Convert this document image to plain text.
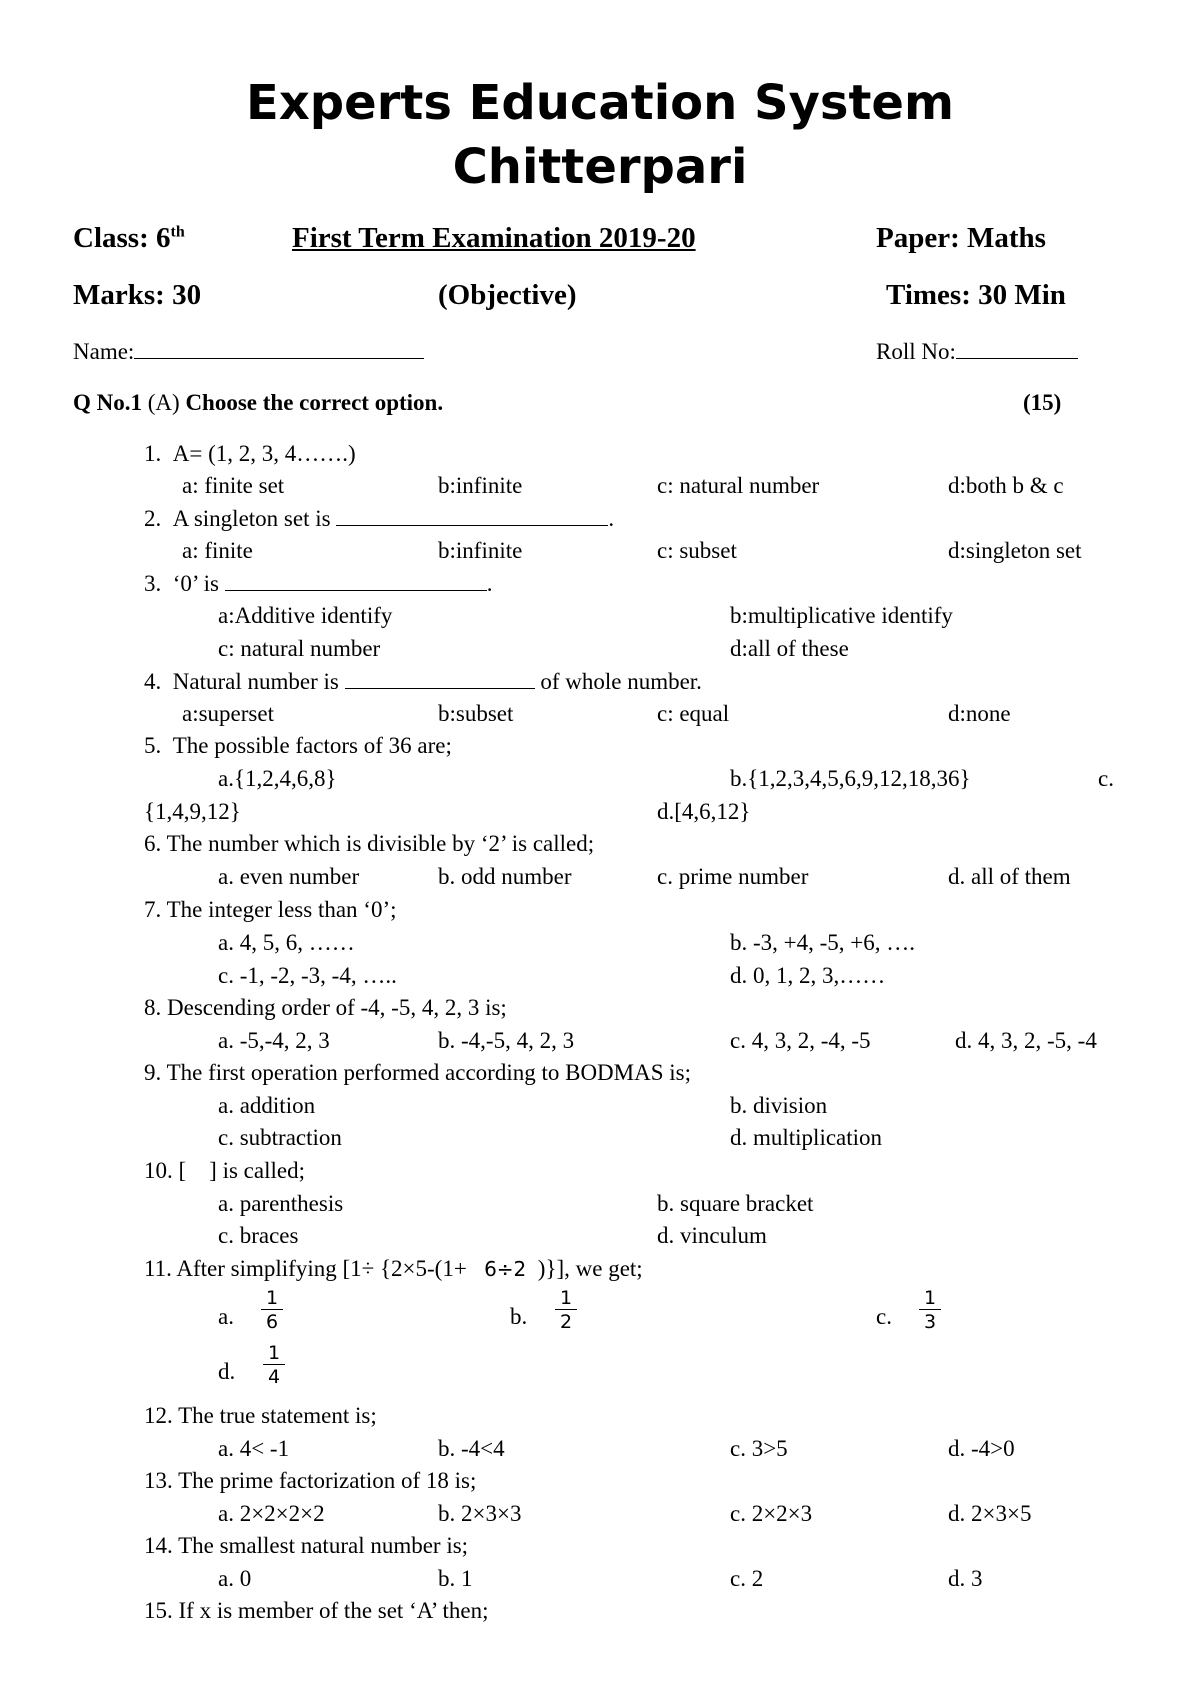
Experts Education System
Chitterpari
Class: 6th	First Term Examination 2019-20	Paper: Maths
Marks: 30	(Objective)	Times: 30 Min
Name:	Roll No:
Q No.1 (A) Choose the correct option.	(15)
1. A= (1, 2, 3, 4…….)
a: finite set	b:infinite	c: natural number	d:both b & c
2. A singleton set is	.
a: finite	b:infinite	c: subset	d:singleton set
3. ‘0’ is	.
a:Additive identify	b:multiplicative identify
c: natural number	d:all of these
4. Natural number is	of whole number.
a:superset	b:subset	c: equal	d:none
5. The possible factors of 36 are;
a.{1,2,4,6,8}	b.{1,2,3,4,5,6,9,12,18,36}	c.
{1,4,9,12}	d.[4,6,12}
6. The number which is divisible by ‘2’ is called;
a. even number	b. odd number	c. prime number	d. all of them
7. The integer less than ‘0’;
a. 4, 5, 6, ……	b. -3, +4, -5, +6, ….
c. -1, -2, -3, -4, …..	d. 0, 1, 2, 3,……
8. Descending order of -4, -5, 4, 2, 3 is;
a. -5,-4, 2, 3	b. -4,-5, 4, 2, 3	c. 4, 3, 2, -4, -5	d. 4, 3, 2, -5, -4
9. The first operation performed according to BODMAS is;
a. addition	b. division
c. subtraction	d. multiplication
10. [    ] is called;
a. parenthesis	b. square bracket
c. braces	d. vinculum
11. After simplifying [1÷ {2×5-(1+ 6÷2 )}], we get;
a. $\frac{1}{6}$	b. $\frac{1}{2}$	c. $\frac{1}{3}$
d. $\frac{1}{4}$
12. The true statement is;
a. 4< -1	b. -4<4	c. 3>5	d. -4>0
13. The prime factorization of 18 is;
a. 2×2×2×2	b. 2×3×3	c. 2×2×3	d. 2×3×5
14. The smallest natural number is;
a. 0	b. 1	c. 2	d. 3
15. If x is member of the set ‘A’ then;
